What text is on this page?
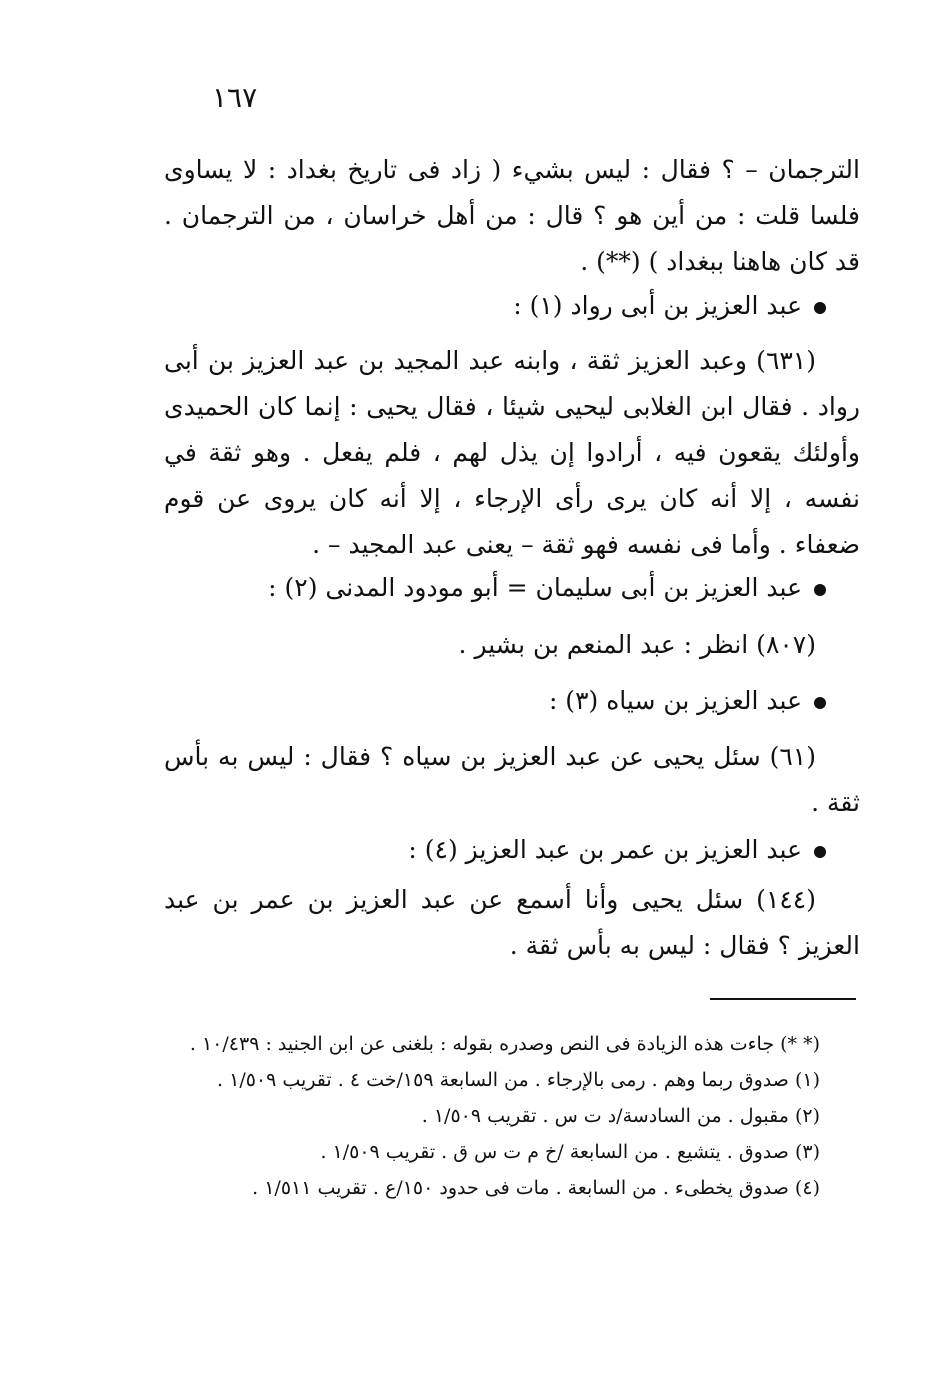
١٦٧

الترجمان – ؟ فقال : ليس بشيء ( زاد فى تاريخ بغداد : لا يساوى فلسا قلت : من أين هو ؟ قال : من أهل خراسان ، من الترجمان . قد كان هاهنا ببغداد ) (**) .

عبد العزيز بن أبى رواد (١) :

(٦٣١) وعبد العزيز ثقة ، وابنه عبد المجيد بن عبد العزيز بن أبى رواد . فقال ابن الغلابى ليحيى شيئا ، فقال يحيى : إنما كان الحميدى وأولئك يقعون فيه ، أرادوا إن يذل لهم ، فلم يفعل . وهو ثقة في نفسه ، إلا أنه كان يرى رأى الإرجاء ، إلا أنه كان يروى عن قوم ضعفاء . وأما فى نفسه فهو ثقة – يعنى عبد المجيد – .

عبد العزيز بن أبى سليمان = أبو مودود المدنى (٢) :

(٨٠٧) انظر : عبد المنعم بن بشير .

عبد العزيز بن سياه (٣) :

(٦١) سئل يحيى عن عبد العزيز بن سياه ؟ فقال : ليس به بأس ثقة .

عبد العزيز بن عمر بن عبد العزيز (٤) :

(١٤٤) سئل يحيى وأنا أسمع عن عبد العزيز بن عمر بن عبد العزيز ؟ فقال : ليس به بأس ثقة .

(* *) جاءت هذه الزيادة فى النص وصدره بقوله : بلغنى عن ابن الجنيد : ١٠/٤٣٩ .

(١) صدوق ربما وهم . رمى بالإرجاء . من السابعة ١٥٩/خت ٤ . تقريب ١/٥٠٩ .

(٢) مقبول . من السادسة/د ت س . تقريب ١/٥٠٩ .

(٣) صدوق . يتشيع . من السابعة /خ م ت س ق . تقريب ١/٥٠٩ .

(٤) صدوق يخطىء . من السابعة . مات فى حدود ١٥٠/ع . تقريب ١/٥١١ .
